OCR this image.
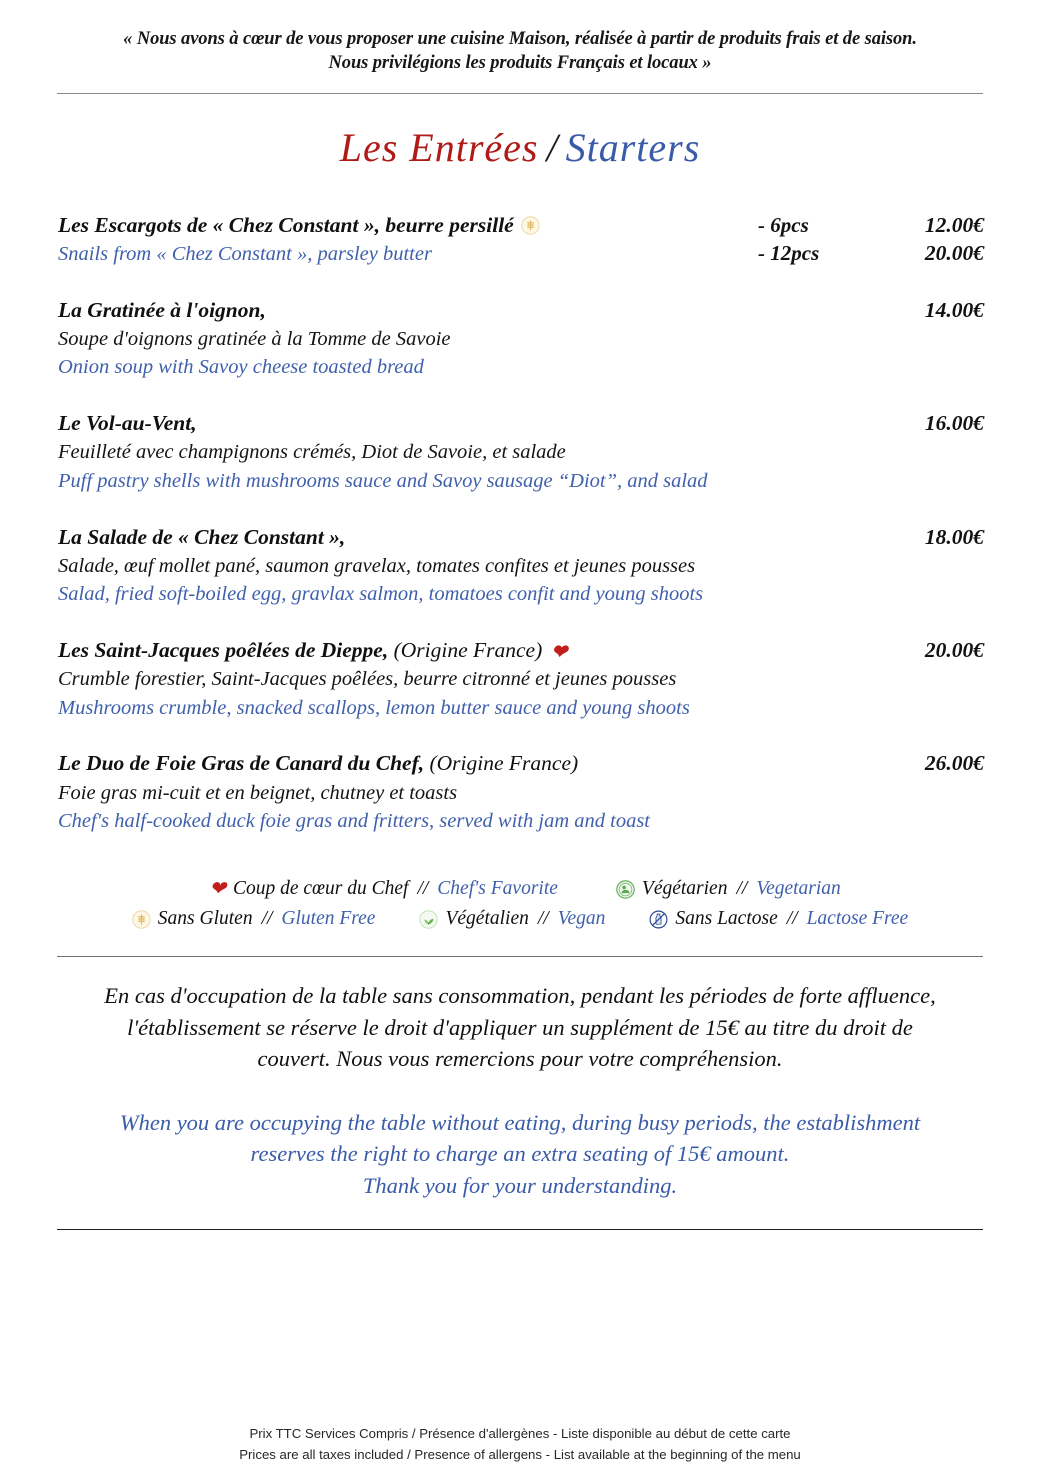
« Nous avons à cœur de vous proposer une cuisine Maison, réalisée à partir de produits frais et de saison.
Nous privilégions les produits Français et locaux »
Les Entrées / Starters
Les Escargots de « Chez Constant », beurre persillé	- 6pcs	12.00€
Snails from « Chez Constant », parsley butter	- 12pcs	20.00€
La Gratinée à l'oignon,	14.00€
Soupe d'oignons gratinée à la Tomme de Savoie
Onion soup with Savoy cheese toasted bread
Le Vol-au-Vent,	16.00€
Feuilleté avec champignons crémés, Diot de Savoie, et salade
Puff pastry shells with mushrooms sauce and Savoy sausage “Diot”, and salad
La Salade de « Chez Constant »,	18.00€
Salade, œuf mollet pané, saumon gravelax, tomates confites et jeunes pousses
Salad, fried soft-boiled egg, gravlax salmon, tomatoes confit and young shoots
Les Saint-Jacques poêlées de Dieppe, (Origine France) ❤	20.00€
Crumble forestier, Saint-Jacques poêlées, beurre citronné et jeunes pousses
Mushrooms crumble, snacked scallops, lemon butter sauce and young shoots
Le Duo de Foie Gras de Canard du Chef, (Origine France)	26.00€
Foie gras mi-cuit et en beignet, chutney et toasts
Chef's half-cooked duck foie gras and fritters, served with jam and toast
❤ Coup de cœur du Chef // Chef's Favorite	Végétarien // Vegetarian
Sans Gluten // Gluten Free	Végétalien // Vegan	Sans Lactose // Lactose Free
En cas d'occupation de la table sans consommation, pendant les périodes de forte affluence,
l'établissement se réserve le droit d'appliquer un supplément de 15€ au titre du droit de
couvert. Nous vous remercions pour votre compréhension.
When you are occupying the table without eating, during busy periods, the establishment
reserves the right to charge an extra seating of 15€ amount.
Thank you for your understanding.
Prix TTC Services Compris / Présence d'allergènes - Liste disponible au début de cette carte
Prices are all taxes included / Presence of allergens - List available at the beginning of the menu
